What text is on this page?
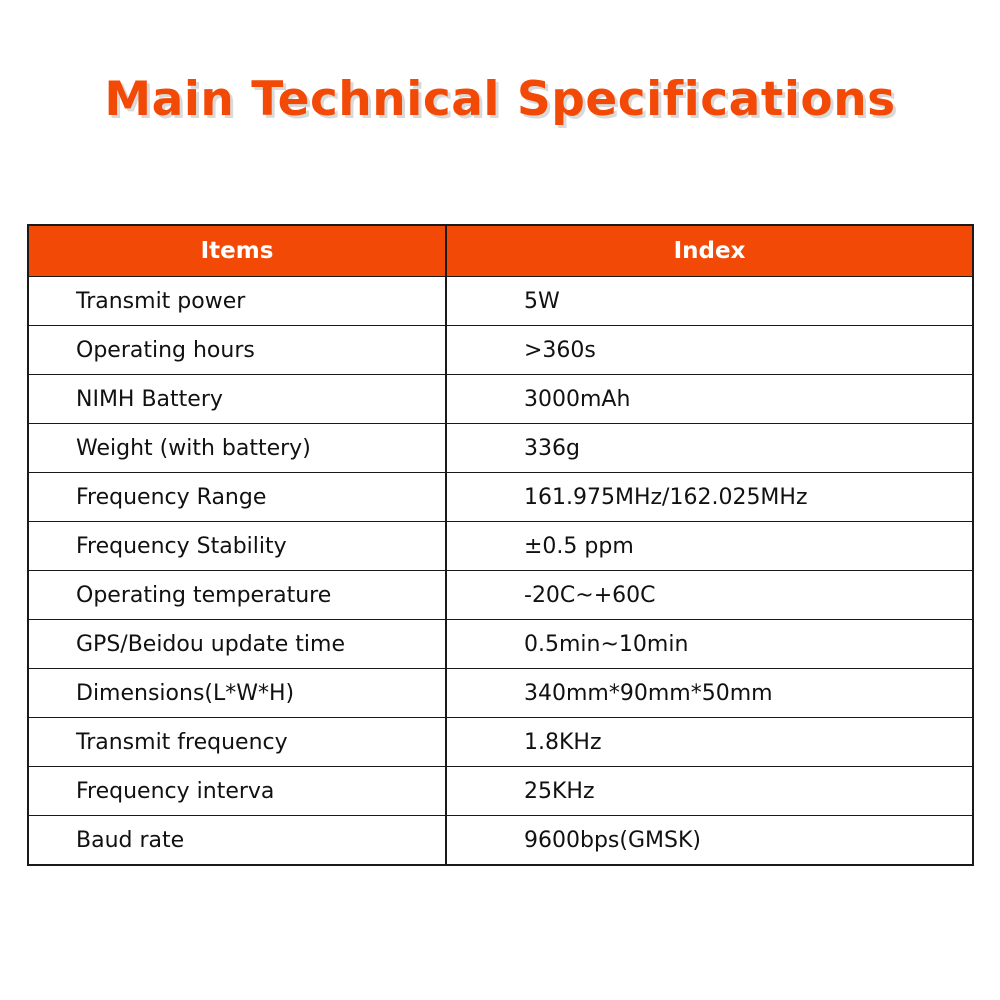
Main Technical Specifications
Items	Index
Transmit power	5W
Operating hours	>360s
NIMH Battery	3000mAh
Weight (with battery)	336g
Frequency Range	161.975MHz/162.025MHz
Frequency Stability	±0.5 ppm
Operating temperature	-20C~+60C
GPS/Beidou update time	0.5min~10min
Dimensions(L*W*H)	340mm*90mm*50mm
Transmit frequency	1.8KHz
Frequency interva	25KHz
Baud rate	9600bps(GMSK)
